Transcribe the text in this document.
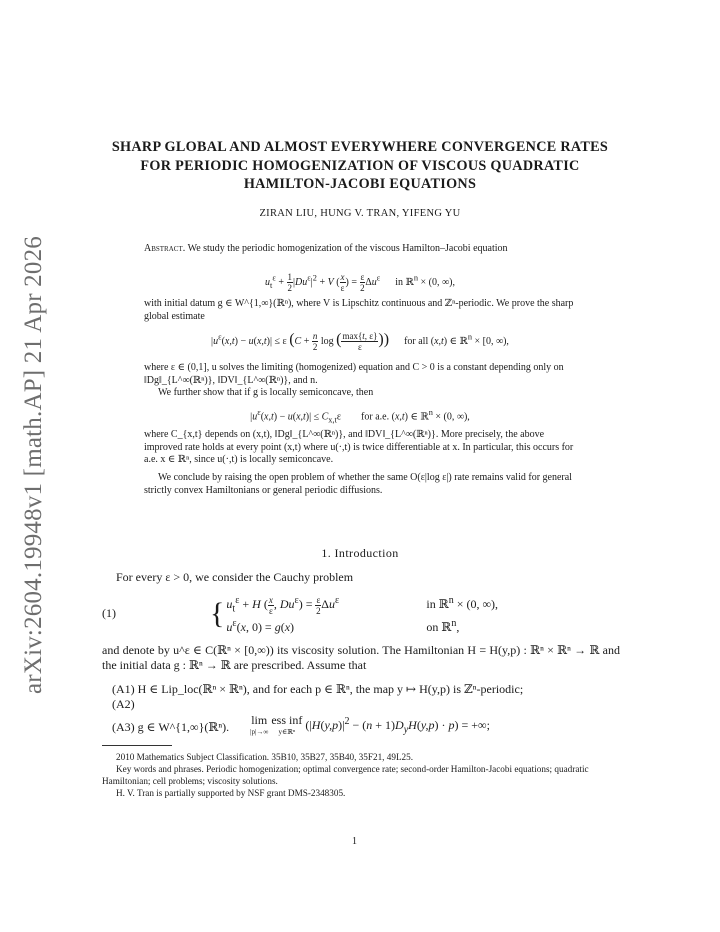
arXiv:2604.19948v1 [math.AP] 21 Apr 2026
SHARP GLOBAL AND ALMOST EVERYWHERE CONVERGENCE RATES FOR PERIODIC HOMOGENIZATION OF VISCOUS QUADRATIC HAMILTON-JACOBI EQUATIONS
ZIRAN LIU, HUNG V. TRAN, YIFENG YU
Abstract. We study the periodic homogenization of the viscous Hamilton–Jacobi equation
$u_t^\varepsilon + \frac{1}{2} |Du^\varepsilon|^2 + V$ ( $\frac{x}{\varepsilon}$ ) = $\frac{\varepsilon}{2} \Delta u^\varepsilon$      in ℝ$^n$ × (0, ∞),
with initial datum g ∈ W^{1,∞}(ℝⁿ), where V is Lipschitz continuous and ℤⁿ-periodic. We prove the sharp global estimate
$|u^\varepsilon(x,t) - u(x,t)| \le \varepsilon$ ($C + \frac{n}{2}$ log ( $\frac{\max\{t, \varepsilon\}}{\varepsilon}$ ))      for all (x,t) ∈ ℝ$^n$ × [0, ∞),
where ε ∈ (0,1], u solves the limiting (homogenized) equation and C > 0 is a constant depending only on ‖Dg‖_{L^∞(ℝⁿ)}, ‖DV‖_{L^∞(ℝⁿ)}, and n.
We further show that if g is locally semiconcave, then
$|u^\varepsilon(x,t) - u(x,t)| \le C_{x,t}\varepsilon$        for a.e. (x,t) ∈ ℝ$^n$ × (0, ∞),
where C_{x,t} depends on (x,t), ‖Dg‖_{L^∞(ℝⁿ)}, and ‖DV‖_{L^∞(ℝⁿ)}. More precisely, the above improved rate holds at every point (x,t) where u(·,t) is twice differentiable at x. In particular, this occurs for a.e. x ∈ ℝⁿ, since u(·,t) is locally semiconcave.
We conclude by raising the open problem of whether the same O(ε|log ε|) rate remains valid for general strictly convex Hamiltonians or general periodic diffusions.
1. Introduction
For every ε > 0, we consider the Cauchy problem
(1)	{ $u_t^\varepsilon + H$ ( $\frac{x}{\varepsilon}$ , $Du^\varepsilon) = \frac{\varepsilon}{2} \Delta u^\varepsilon$	in ℝ$^n$ × (0, ∞),
$u^\varepsilon(x$, 0) = g(x)	on ℝ$^n$,
and denote by u^ε ∈ C(ℝⁿ × [0,∞)) its viscosity solution. The Hamiltonian H = H(y,p) : ℝⁿ × ℝⁿ → ℝ and the initial data g : ℝⁿ → ℝ are prescribed. Assume that
(A1) H ∈ Lip_loc(ℝⁿ × ℝⁿ), and for each p ∈ ℝⁿ, the map y ↦ H(y,p) is ℤⁿ-periodic;
(A2)
lim
|p|→∞

ess inf
y∈ℝⁿ
$(|H(y,p)|^2 - (n + 1)D_yH(y,p) \cdot p)$ = +∞;
(A3) g ∈ W^{1,∞}(ℝⁿ).
2010 Mathematics Subject Classification. 35B10, 35B27, 35B40, 35F21, 49L25.
Key words and phrases. Periodic homogenization; optimal convergence rate; second-order Hamilton-Jacobi equations; quadratic Hamiltonian; cell problems; viscosity solutions.
H. V. Tran is partially supported by NSF grant DMS-2348305.
1
